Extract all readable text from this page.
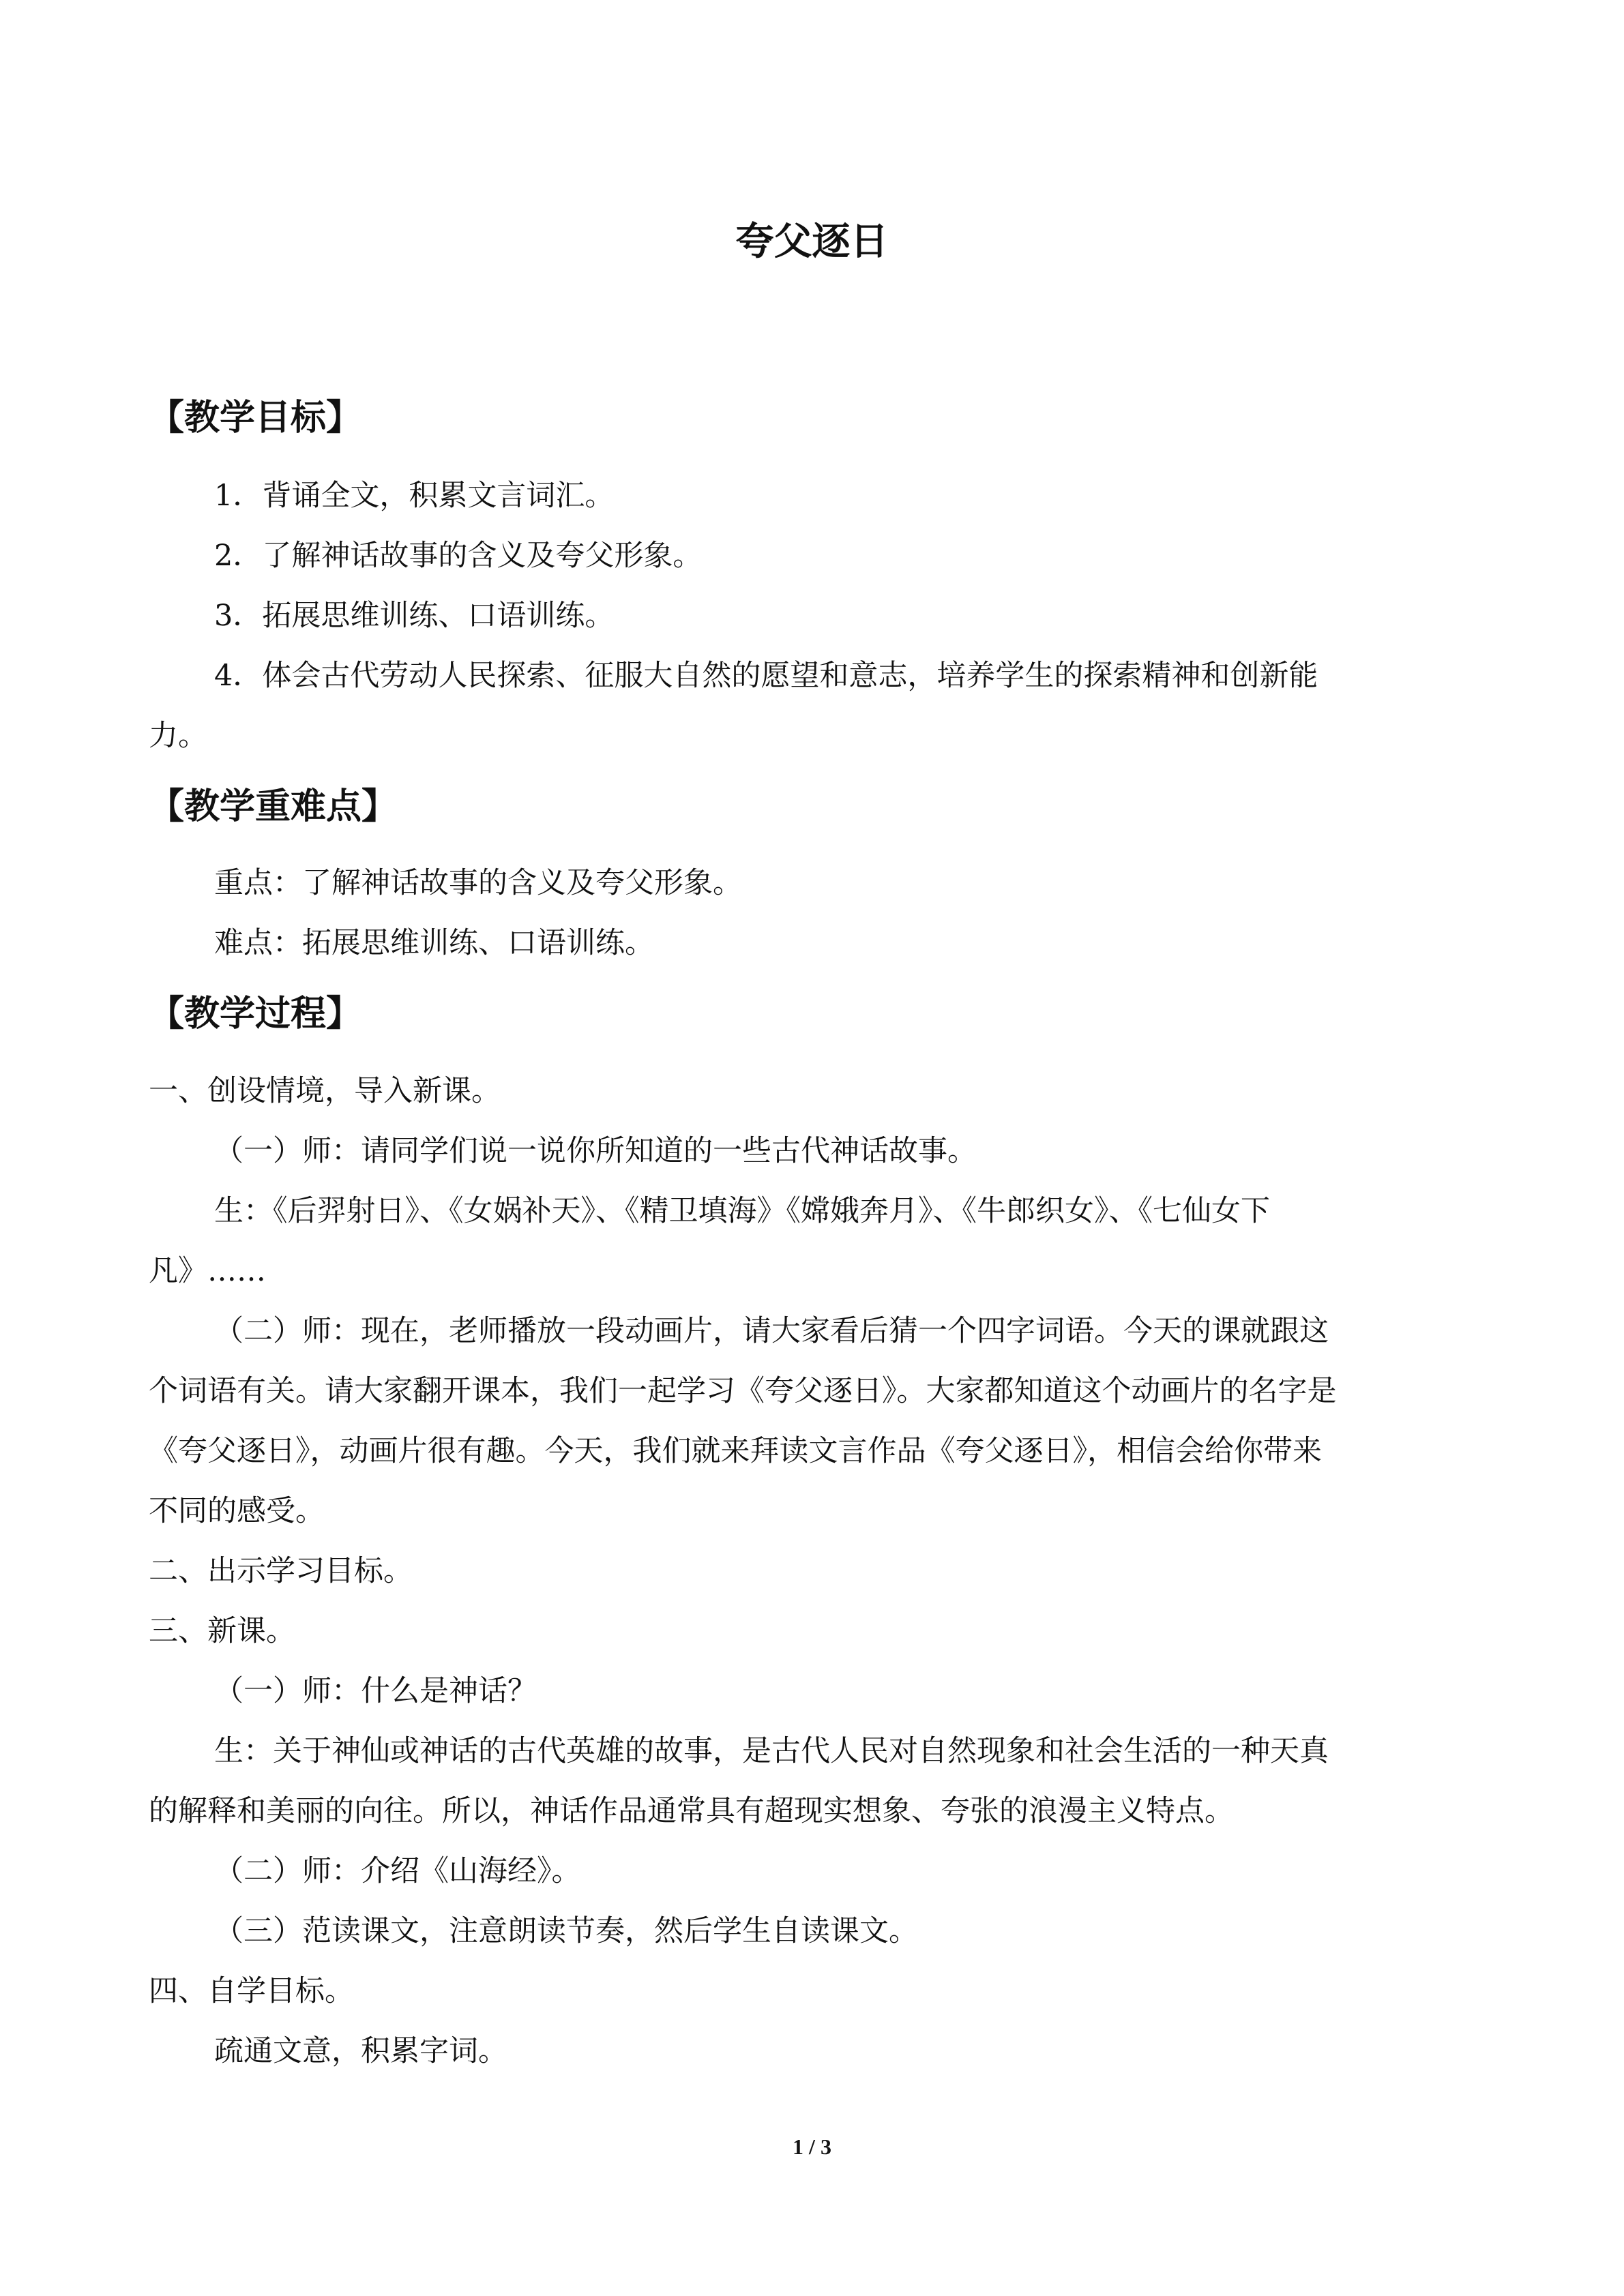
夸父逐日
【教学目标】
1．背诵全文，积累文言词汇。
2．了解神话故事的含义及夸父形象。
3．拓展思维训练、口语训练。
4．体会古代劳动人民探索、征服大自然的愿望和意志，培养学生的探索精神和创新能
力。
【教学重难点】
重点：了解神话故事的含义及夸父形象。
难点：拓展思维训练、口语训练。
【教学过程】
一、创设情境，导入新课。
（一）师：请同学们说一说你所知道的一些古代神话故事。
生：《后羿射日》、《女娲补天》、《精卫填海》《嫦娥奔月》、《牛郎织女》、《七仙女下
凡》……
（二）师：现在，老师播放一段动画片，请大家看后猜一个四字词语。今天的课就跟这
个词语有关。请大家翻开课本，我们一起学习《夸父逐日》。大家都知道这个动画片的名字是
《夸父逐日》，动画片很有趣。今天，我们就来拜读文言作品《夸父逐日》，相信会给你带来
不同的感受。
二、出示学习目标。
三、新课。
（一）师：什么是神话？
生：关于神仙或神话的古代英雄的故事，是古代人民对自然现象和社会生活的一种天真
的解释和美丽的向往。所以，神话作品通常具有超现实想象、夸张的浪漫主义特点。
（二）师：介绍《山海经》。
（三）范读课文，注意朗读节奏，然后学生自读课文。
四、自学目标。
疏通文意，积累字词。
1 / 3
